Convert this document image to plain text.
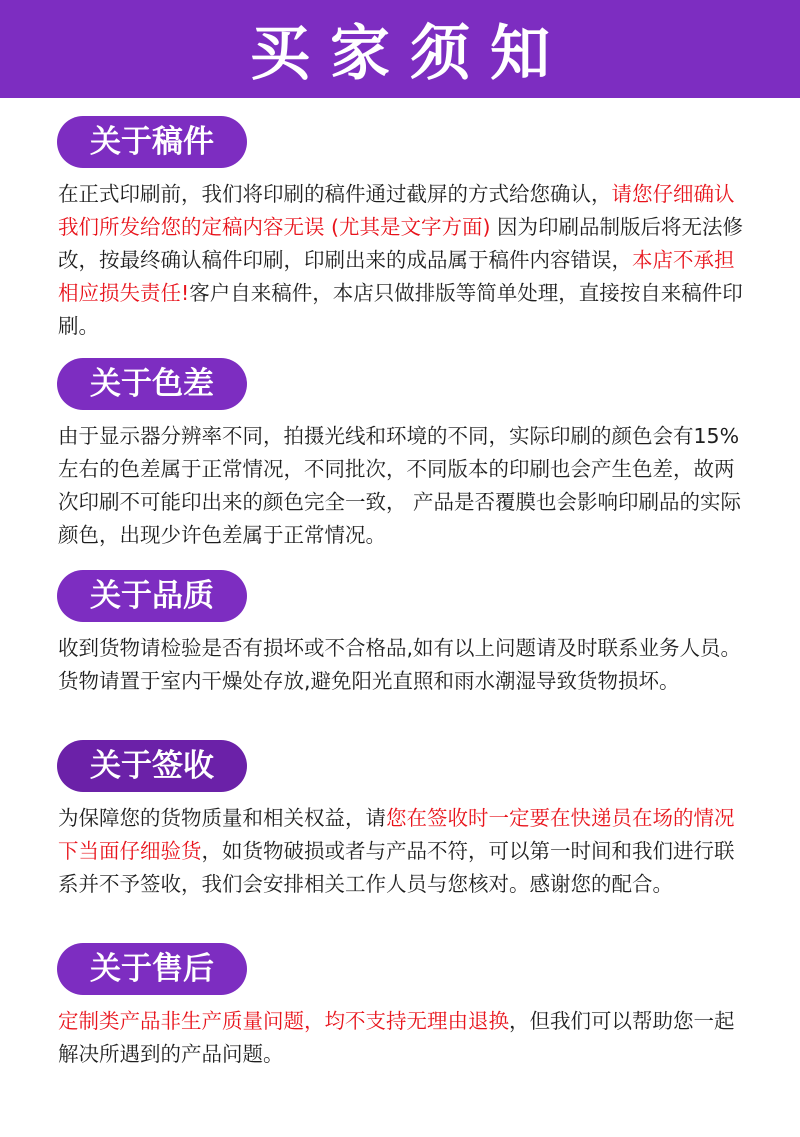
买家须知
关于稿件

在正式印刷前，我们将印刷的稿件通过截屏的方式给您确认，请您仔细确认我们所发给您的定稿内容无误 (尤其是文字方面) 因为印刷品制版后将无法修改，按最终确认稿件印刷，印刷出来的成品属于稿件内容错误，本店不承担相应损失责任!客户自来稿件，本店只做排版等简单处理，直接按自来稿件印刷。

关于色差

由于显示器分辨率不同，拍摄光线和环境的不同，实际印刷的颜色会有15%左右的色差属于正常情况，不同批次，不同版本的印刷也会产生色差，故两次印刷不可能印出来的颜色完全一致， 产品是否覆膜也会影响印刷品的实际颜色，出现少许色差属于正常情况。

关于品质

收到货物请检验是否有损坏或不合格品,如有以上问题请及时联系业务人员。货物请置于室内干燥处存放,避免阳光直照和雨水潮湿导致货物损坏。

关于签收

为保障您的货物质量和相关权益，请您在签收时一定要在快递员在场的情况下当面仔细验货，如货物破损或者与产品不符，可以第一时间和我们进行联系并不予签收，我们会安排相关工作人员与您核对。感谢您的配合。

关于售后

定制类产品非生产质量问题，均不支持无理由退换，但我们可以帮助您一起解决所遇到的产品问题。
